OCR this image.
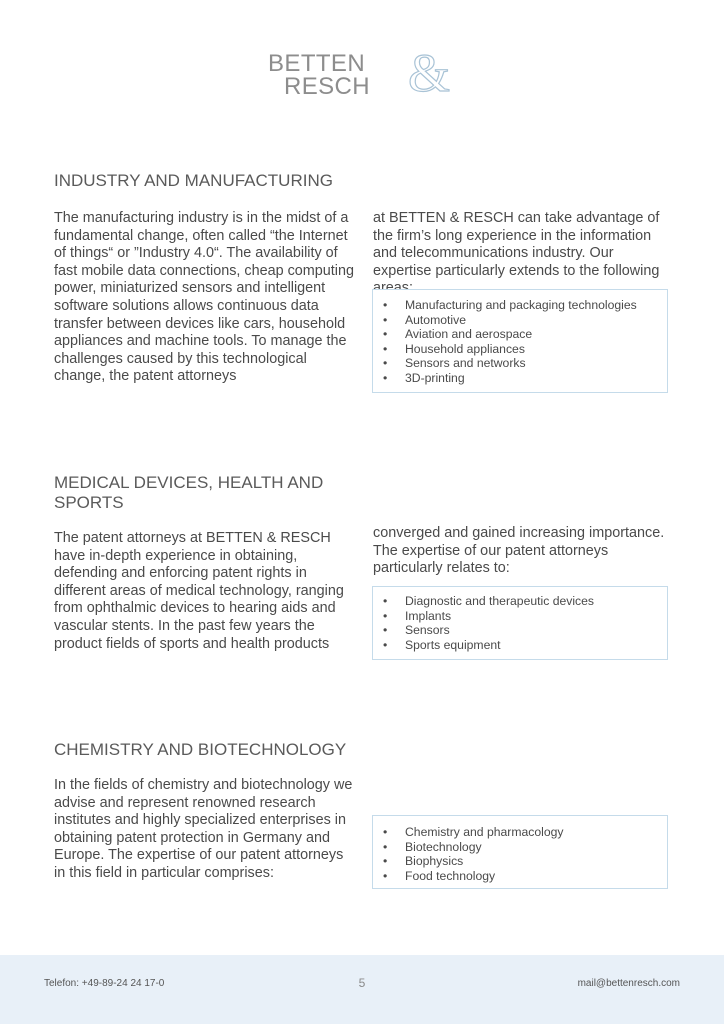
BETTEN
RESCH &
INDUSTRY AND MANUFACTURING

The manufacturing industry is in the midst of a fundamental change, often called “the Internet of things“ or ”Industry 4.0“. The availability of fast mobile data connections, cheap computing power, miniaturized sensors and intelligent software solutions allows continuous data transfer between devices like cars, household appliances and machine tools. To manage the challenges caused by this technological change, the patent attorneys

at BETTEN & RESCH can take advantage of the firm’s long experience in the information and telecommunications industry. Our expertise particularly extends to the following

• Manufacturing and packaging technologies
• Automotive
• Aviation and aerospace
• Household appliances
• Sensors and networks
• 3D-printing
MEDICAL DEVICES, HEALTH AND SPORTS

The patent attorneys at BETTEN & RESCH have in-depth experience in obtaining, defending and enforcing patent rights in different areas of medical technology, ranging from ophthalmic devices to hearing aids and vascular stents. In the past few years the product fields of sports and health products

converged and gained increasing importance. The expertise of our patent attorneys particularly relates to:

• Diagnostic and therapeutic devices
• Implants
• Sensors
• Sports equipment
CHEMISTRY AND BIOTECHNOLOGY

In the fields of chemistry and biotechnology we advise and represent renowned research institutes and highly specialized enterprises in obtaining patent protection in Germany and Europe. The expertise of our patent attorneys in this field in particular comprises:

• Chemistry and pharmacology
• Biotechnology
• Biophysics
• Food technology
Telefon: +49-89-24 24 17-0	5	mail@bettenresch.com
